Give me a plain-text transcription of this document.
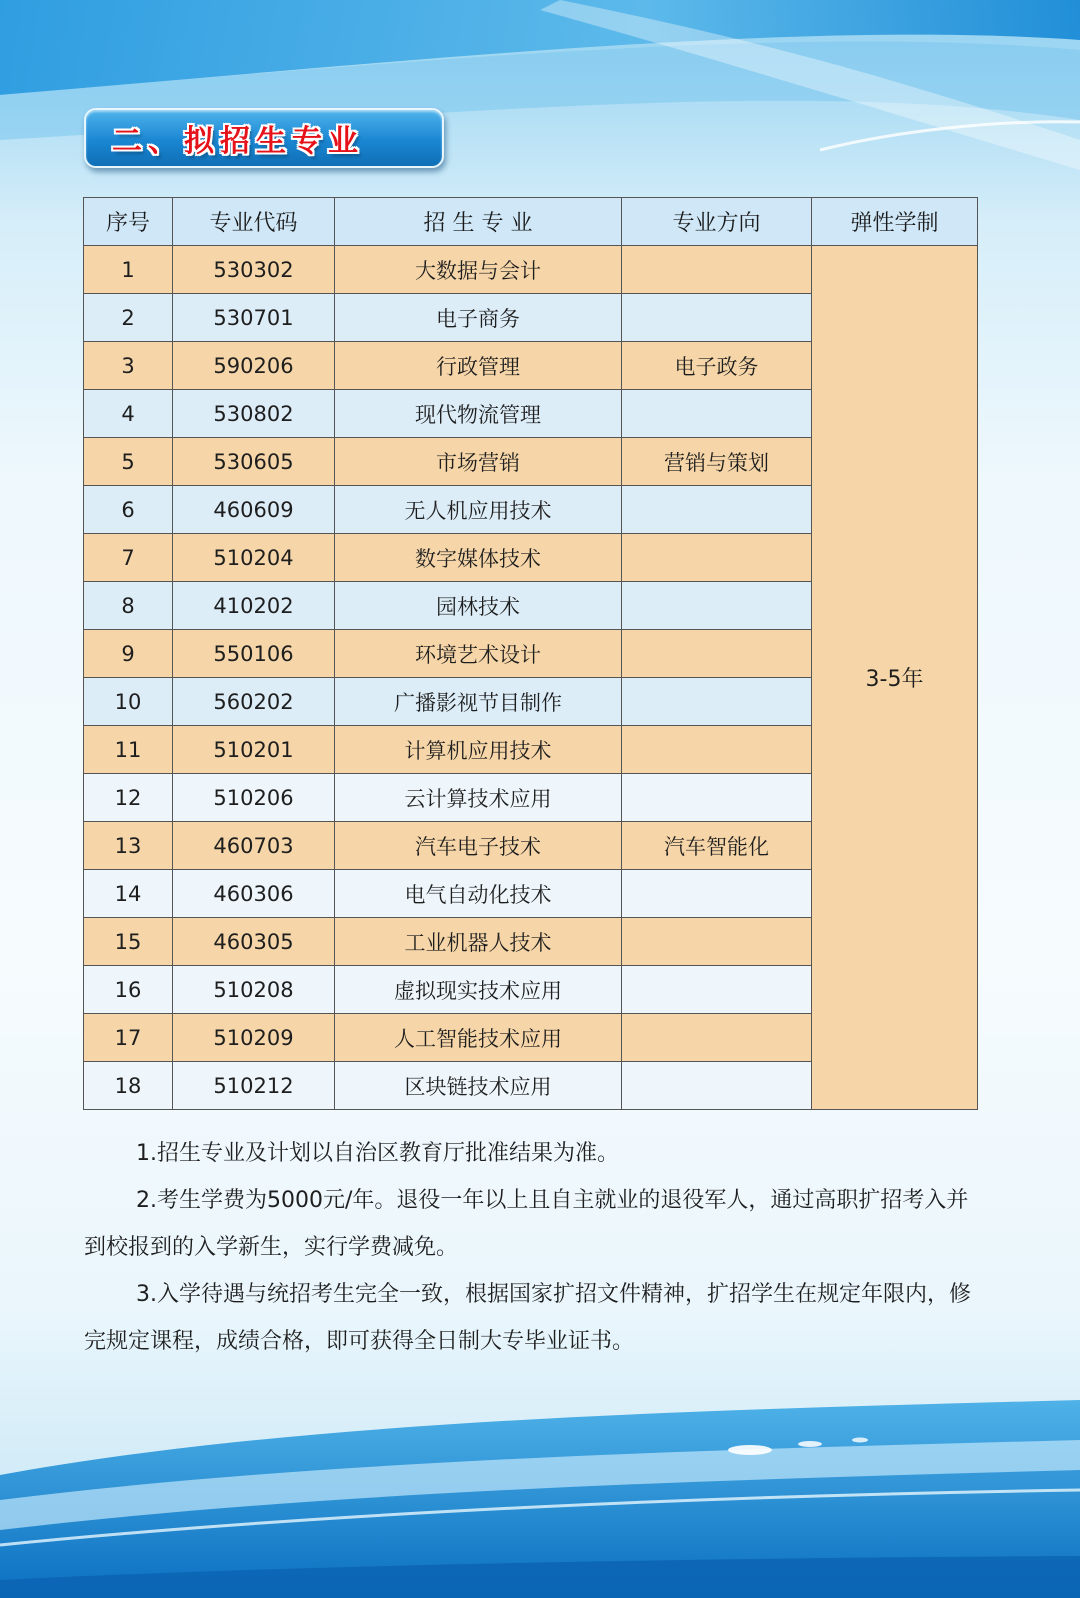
二、拟招生专业
序号	专业代码	招 生 专 业	专业方向	弹性学制
1	530302	大数据与会计		3-5年
2	530701	电子商务		
3	590206	行政管理	电子政务	
4	530802	现代物流管理		
5	530605	市场营销	营销与策划	
6	460609	无人机应用技术		
7	510204	数字媒体技术		
8	410202	园林技术		
9	550106	环境艺术设计		
10	560202	广播影视节目制作		
11	510201	计算机应用技术		
12	510206	云计算技术应用		
13	460703	汽车电子技术	汽车智能化	
14	460306	电气自动化技术		
15	460305	工业机器人技术		
16	510208	虚拟现实技术应用		
17	510209	人工智能技术应用		
18	510212	区块链技术应用		

1.招生专业及计划以自治区教育厅批准结果为准。

2.考生学费为5000元/年。退役一年以上且自主就业的退役军人，通过高职扩招考入并到校报到的入学新生，实行学费减免。

3.入学待遇与统招考生完全一致，根据国家扩招文件精神，扩招学生在规定年限内，修完规定课程，成绩合格，即可获得全日制大专毕业证书。
